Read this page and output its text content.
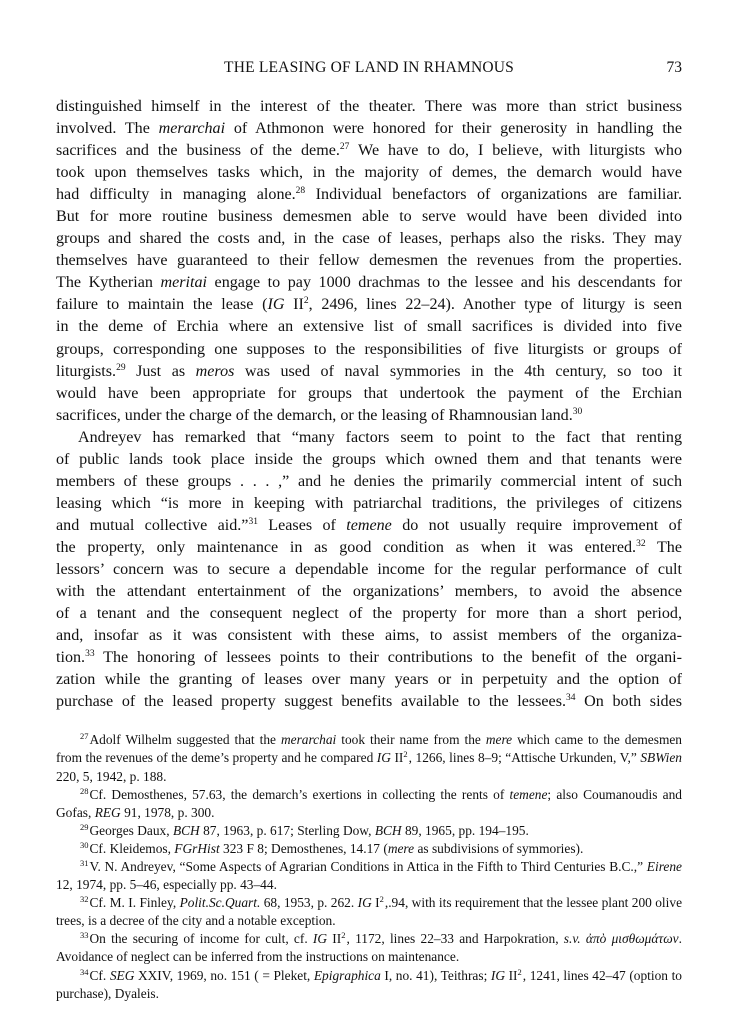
THE LEASING OF LAND IN RHAMNOUS	73

distinguished himself in the interest of the theater. There was more than strict business

involved. The merarchai of Athmonon were honored for their generosity in handling the

sacrifices and the business of the deme.$^{27}$ We have to do, I believe, with liturgists who

took upon themselves tasks which, in the majority of demes, the demarch would have

had difficulty in managing alone.$^{28}$ Individual benefactors of organizations are familiar.

But for more routine business demesmen able to serve would have been divided into

groups and shared the costs and, in the case of leases, perhaps also the risks. They may

themselves have guaranteed to their fellow demesmen the revenues from the properties.

The Kytherian meritai engage to pay 1000 drachmas to the lessee and his descendants for

failure to maintain the lease (IG $II^2$, 2496, lines 22–24). Another type of liturgy is seen

in the deme of Erchia where an extensive list of small sacrifices is divided into five

groups, corresponding one supposes to the responsibilities of five liturgists or groups of

liturgists.$^{29}$ Just as meros was used of naval symmories in the 4th century, so too it

would have been appropriate for groups that undertook the payment of the Erchian

sacrifices, under the charge of the demarch, or the leasing of Rhamnousian land.$^{30}$

Andreyev has remarked that “many factors seem to point to the fact that renting

of public lands took place inside the groups which owned them and that tenants were

members of these groups . . . ,” and he denies the primarily commercial intent of such

leasing which “is more in keeping with patriarchal traditions, the privileges of citizens

and mutual collective aid.”$^{31}$ Leases of temene do not usually require improvement of

the property, only maintenance in as good condition as when it was entered.$^{32}$ The

lessors’ concern was to secure a dependable income for the regular performance of cult

with the attendant entertainment of the organizations’ members, to avoid the absence

of a tenant and the consequent neglect of the property for more than a short period,

and, insofar as it was consistent with these aims, to assist members of the organiza-

tion.$^{33}$ The honoring of lessees points to their contributions to the benefit of the organi-

zation while the granting of leases over many years or in perpetuity and the option of

purchase of the leased property suggest benefits available to the lessees.$^{34}$ On both sides

$^{27}$Adolf Wilhelm suggested that the merarchai took their name from the mere which came to the demesmen from the revenues of the deme’s property and he compared IG $II^2$, 1266, lines 8–9; “Attische Urkunden, V,” SBWien 220, 5, 1942, p. 188.

$^{28}$Cf. Demosthenes, 57.63, the demarch’s exertions in collecting the rents of temene; also Coumanoudis and Gofas, REG 91, 1978, p. 300.

$^{29}$Georges Daux, BCH 87, 1963, p. 617; Sterling Dow, BCH 89, 1965, pp. 194–195.

$^{30}$Cf. Kleidemos, FGrHist 323 F 8; Demosthenes, 14.17 (mere as subdivisions of symmories).

$^{31}$V. N. Andreyev, “Some Aspects of Agrarian Conditions in Attica in the Fifth to Third Centuries B.C.,” Eirene 12, 1974, pp. 5–46, especially pp. 43–44.

$^{32}$Cf. M. I. Finley, Polit.Sc.Quart. 68, 1953, p. 262. IG $I^2,.94$, with its requirement that the lessee plant 200 olive trees, is a decree of the city and a notable exception.

$^{33}$On the securing of income for cult, cf. IG $II^2$, 1172, lines 22–33 and Harpokration, s.v. ἀπὸ μισθωμάτων. Avoidance of neglect can be inferred from the instructions on maintenance.

$^{34}$Cf. SEG XXIV, 1969, no. 151 ( = Pleket, Epigraphica I, no. 41), Teithras; IG $II^2$, 1241, lines 42–47 (option to purchase), Dyaleis.
